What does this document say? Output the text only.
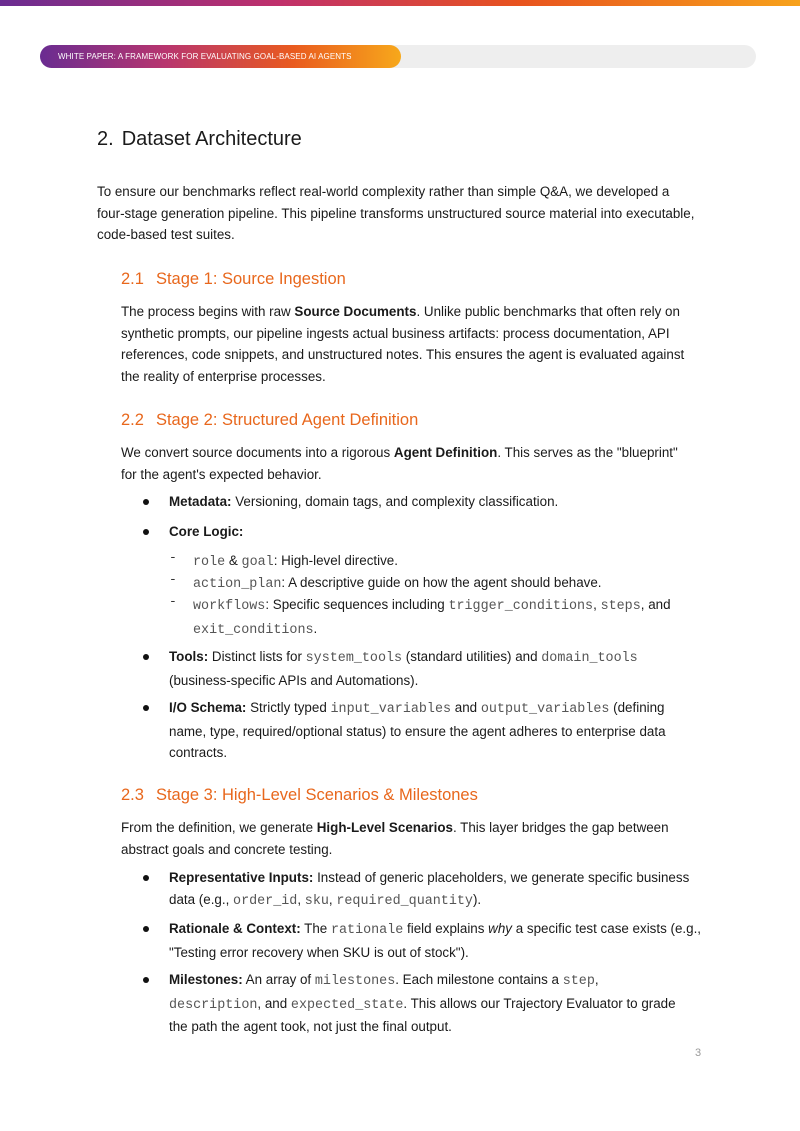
WHITE PAPER: A FRAMEWORK FOR EVALUATING GOAL-BASED AI AGENTS
2. Dataset Architecture

To ensure our benchmarks reflect real-world complexity rather than simple Q&A, we developed a four-stage generation pipeline. This pipeline transforms unstructured source material into executable, code-based test suites.

2.1 Stage 1: Source Ingestion

The process begins with raw Source Documents. Unlike public benchmarks that often rely on synthetic prompts, our pipeline ingests actual business artifacts: process documentation, API references, code snippets, and unstructured notes. This ensures the agent is evaluated against the reality of enterprise processes.

2.2 Stage 2: Structured Agent Definition

We convert source documents into a rigorous Agent Definition. This serves as the "blueprint" for the agent's expected behavior.

Metadata: Versioning, domain tags, and complexity classification.

Core Logic:

- role & goal: High-level directive.

- action_plan: A descriptive guide on how the agent should behave.

- workflows: Specific sequences including trigger_conditions, steps, and
exit_conditions.

Tools: Distinct lists for system_tools (standard utilities) and domain_tools
(business-specific APIs and Automations).

I/O Schema: Strictly typed input_variables and output_variables (defining
name, type, required/optional status) to ensure the agent adheres to enterprise data contracts.

2.3 Stage 3: High-Level Scenarios & Milestones

From the definition, we generate High-Level Scenarios. This layer bridges the gap between abstract goals and concrete testing.

Representative Inputs: Instead of generic placeholders, we generate specific business
data (e.g., order_id, sku, required_quantity).

Rationale & Context: The rationale field explains why a specific test case exists (e.g.,
"Testing error recovery when SKU is out of stock").

Milestones: An array of milestones. Each milestone contains a step,
description, and expected_state. This allows our Trajectory Evaluator to grade
the path the agent took, not just the final output.

3
